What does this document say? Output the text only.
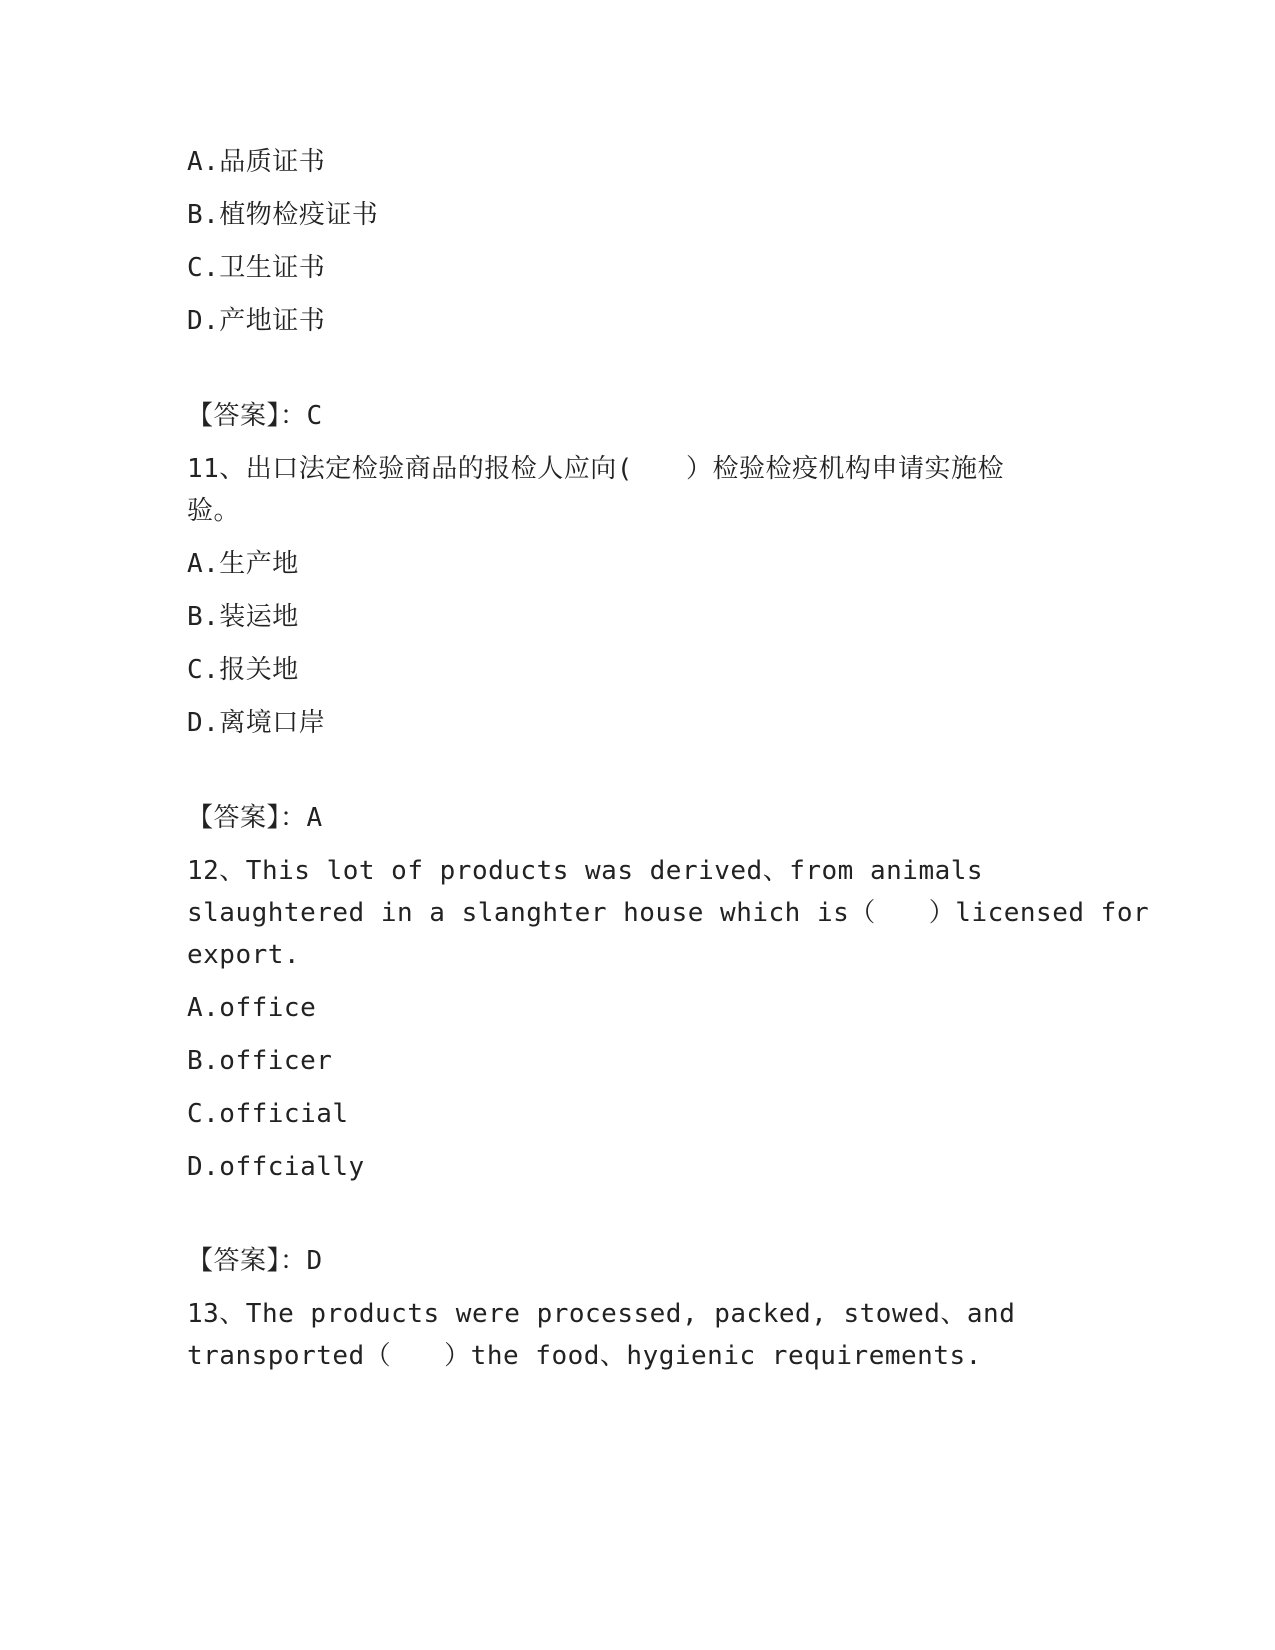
A.品质证书
B.植物检疫证书
C.卫生证书
D.产地证书
【答案】：C
11、出口法定检验商品的报检人应向(　　）检验检疫机构申请实施检
验。
A.生产地
B.装运地
C.报关地
D.离境口岸
【答案】：A
12、This lot of products was derived、from animals
slaughtered in a slanghter house which is（　　）licensed for
export.
A.office
B.officer
C.official
D.offcially
【答案】：D
13、The products were processed, packed, stowed、and
transported（　　）the food、hygienic requirements.
